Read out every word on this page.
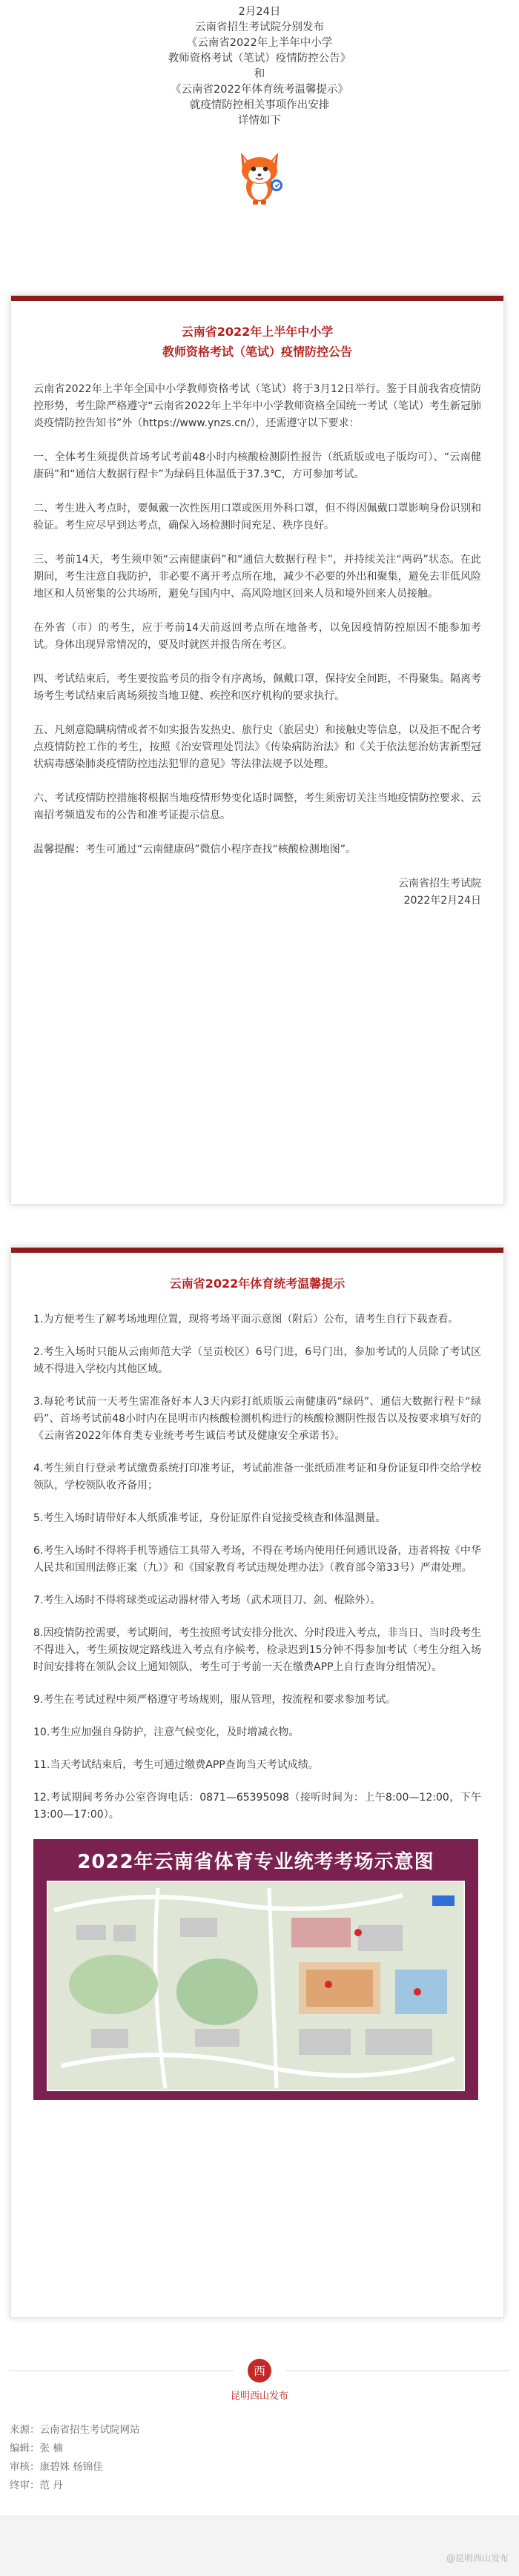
2月24日

云南省招生考试院分别发布

《云南省2022年上半年中小学

教师资格考试（笔试）疫情防控公告》

和

《云南省2022年体育统考温馨提示》

就疫情防控相关事项作出安排

详情如下

云南省2022年上半年中小学
教师资格考试（笔试）疫情防控公告

云南省2022年上半年全国中小学教师资格考试（笔试）将于3月12日举行。鉴于目前我省疫情防控形势，考生除严格遵守“云南省2022年上半年中小学教师资格全国统一考试（笔试）考生新冠肺炎疫情防控告知书”外（https://www.ynzs.cn/），还需遵守以下要求：

一、全体考生须提供首场考试考前48小时内核酸检测阴性报告（纸质版或电子版均可）、“云南健康码”和“通信大数据行程卡”为绿码且体温低于37.3℃，方可参加考试。

二、考生进入考点时，要佩戴一次性医用口罩或医用外科口罩，但不得因佩戴口罩影响身份识别和验证。考生应尽早到达考点，确保入场检测时间充足、秩序良好。

三、考前14天，考生须申领“云南健康码”和“通信大数据行程卡”，并持续关注“两码”状态。在此期间，考生注意自我防护，非必要不离开考点所在地，减少不必要的外出和聚集，避免去非低风险地区和人员密集的公共场所，避免与国内中、高风险地区回来人员和境外回来人员接触。

在外省（市）的考生，应于考前14天前返回考点所在地备考，以免因疫情防控原因不能参加考试。身体出现异常情况的，要及时就医并报告所在考区。

四、考试结束后，考生要按监考员的指令有序离场，佩戴口罩，保持安全间距，不得聚集。隔离考场考生考试结束后离场须按当地卫健、疾控和医疗机构的要求执行。

五、凡刻意隐瞒病情或者不如实报告发热史、旅行史（旅居史）和接触史等信息，以及拒不配合考点疫情防控工作的考生，按照《治安管理处罚法》《传染病防治法》和《关于依法惩治妨害新型冠状病毒感染肺炎疫情防控违法犯罪的意见》等法律法规予以处理。

六、考试疫情防控措施将根据当地疫情形势变化适时调整，考生须密切关注当地疫情防控要求、云南招考频道发布的公告和准考证提示信息。

温馨提醒：考生可通过“云南健康码”微信小程序查找“核酸检测地图”。

云南省招生考试院

2022年2月24日

云南省2022年体育统考温馨提示

1.为方便考生了解考场地理位置，现将考场平面示意图（附后）公布，请考生自行下载查看。

2.考生入场时只能从云南师范大学（呈贡校区）6号门进，6号门出，参加考试的人员除了考试区域不得进入学校内其他区域。

3.每轮考试前一天考生需准备好本人3天内彩打纸质版云南健康码“绿码”、通信大数据行程卡“绿码”、首场考试前48小时内在昆明市内核酸检测机构进行的核酸检测阴性报告以及按要求填写好的《云南省2022年体育类专业统考考生诚信考试及健康安全承诺书》。

4.考生须自行登录考试缴费系统打印准考证，考试前准备一张纸质准考证和身份证复印件交给学校领队，学校领队收齐备用；

5.考生入场时请带好本人纸质准考证，身份证原件自觉接受核查和体温测量。

6.考生入场时不得将手机等通信工具带入考场，不得在考场内使用任何通讯设备，违者将按《中华人民共和国刑法修正案（九）》和《国家教育考试违规处理办法》（教育部令第33号）严肃处理。

7.考生入场时不得将球类或运动器材带入考场（武术项目刀、剑、棍除外）。

8.因疫情防控需要，考试期间，考生按照考试安排分批次、分时段进入考点，非当日、当时段考生不得进入，考生须按规定路线进入考点有序候考，检录迟到15分钟不得参加考试（考生分组入场时间安排将在领队会议上通知领队，考生可于考前一天在缴费APP上自行查询分组情况）。

9.考生在考试过程中须严格遵守考场规则，服从管理，按流程和要求参加考试。

10.考生应加强自身防护，注意气候变化，及时增减衣物。

11.当天考试结束后，考生可通过缴费APP查询当天考试成绩。

12.考试期间考务办公室咨询电话：0871—65395098（接听时间为：上午8:00—12:00，下午13:00—17:00）。

2022年云南省体育专业统考考场示意图
西
昆明西山发布
来源：云南省招生考试院网站
编辑：张 楠
审核：康碧姝 杨锦佳
终审：范 丹
@昆明西山发布
